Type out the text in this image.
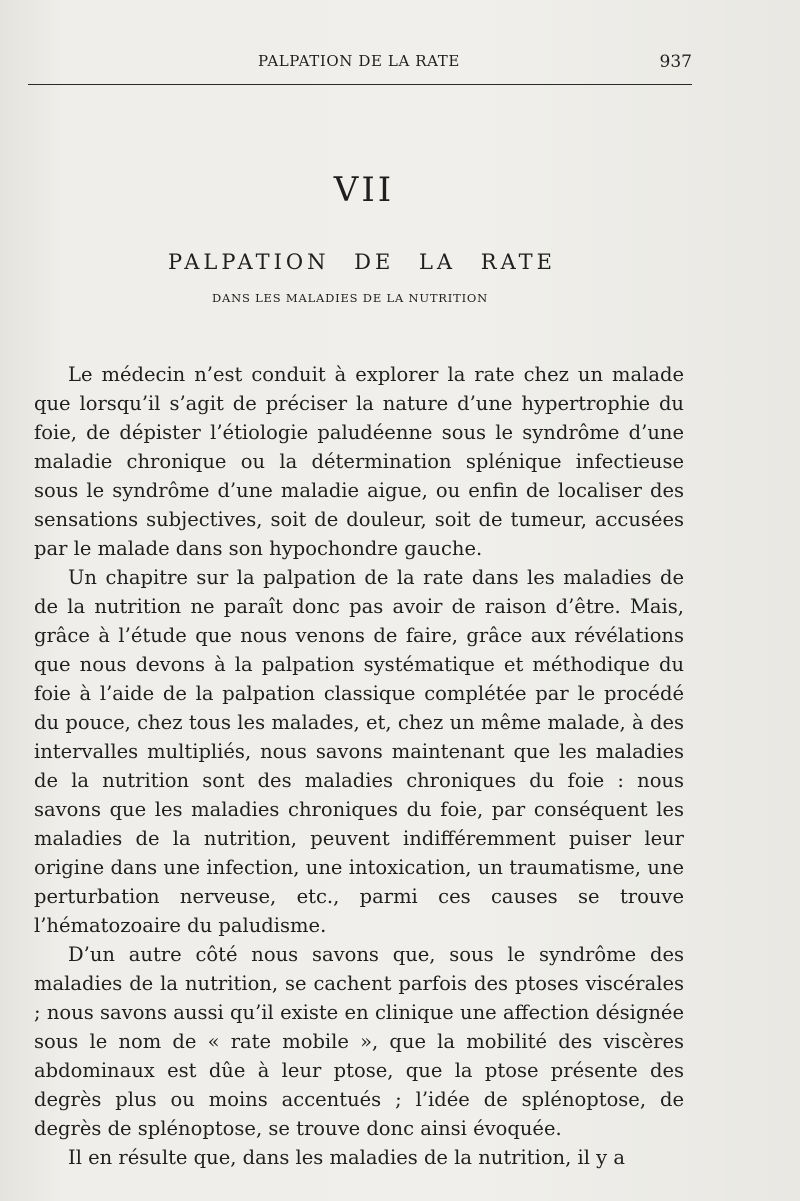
PALPATION DE LA RATE	937
VII
PALPATION DE LA RATE
DANS LES MALADIES DE LA NUTRITION

Le médecin n’est conduit à explorer la rate chez un malade que lorsqu’il s’agit de préciser la nature d’une hypertrophie du foie, de dépister l’étiologie paludéenne sous le syndrôme d’une maladie chronique ou la détermination splénique infectieuse sous le syndrôme d’une maladie aigue, ou enfin de localiser des sensations subjectives, soit de douleur, soit de tumeur, accusées par le malade dans son hypochondre gauche.

Un chapitre sur la palpation de la rate dans les maladies de de la nutrition ne paraît donc pas avoir de raison d’être. Mais, grâce à l’étude que nous venons de faire, grâce aux révélations que nous devons à la palpation systématique et méthodique du foie à l’aide de la palpation classique complétée par le procédé du pouce, chez tous les malades, et, chez un même malade, à des intervalles multipliés, nous savons maintenant que les maladies de la nutrition sont des maladies chroniques du foie : nous savons que les maladies chroniques du foie, par conséquent les maladies de la nutrition, peuvent indifféremment puiser leur origine dans une infection, une intoxication, un traumatisme, une perturbation nerveuse, etc., parmi ces causes se trouve l’hématozoaire du paludisme.

D’un autre côté nous savons que, sous le syndrôme des maladies de la nutrition, se cachent parfois des ptoses viscérales ; nous savons aussi qu’il existe en clinique une affection désignée sous le nom de « rate mobile », que la mobilité des viscères abdominaux est dûe à leur ptose, que la ptose présente des degrès plus ou moins accentués ; l’idée de splénoptose, de degrès de splénoptose, se trouve donc ainsi évoquée.

Il en résulte que, dans les maladies de la nutrition, il y a
